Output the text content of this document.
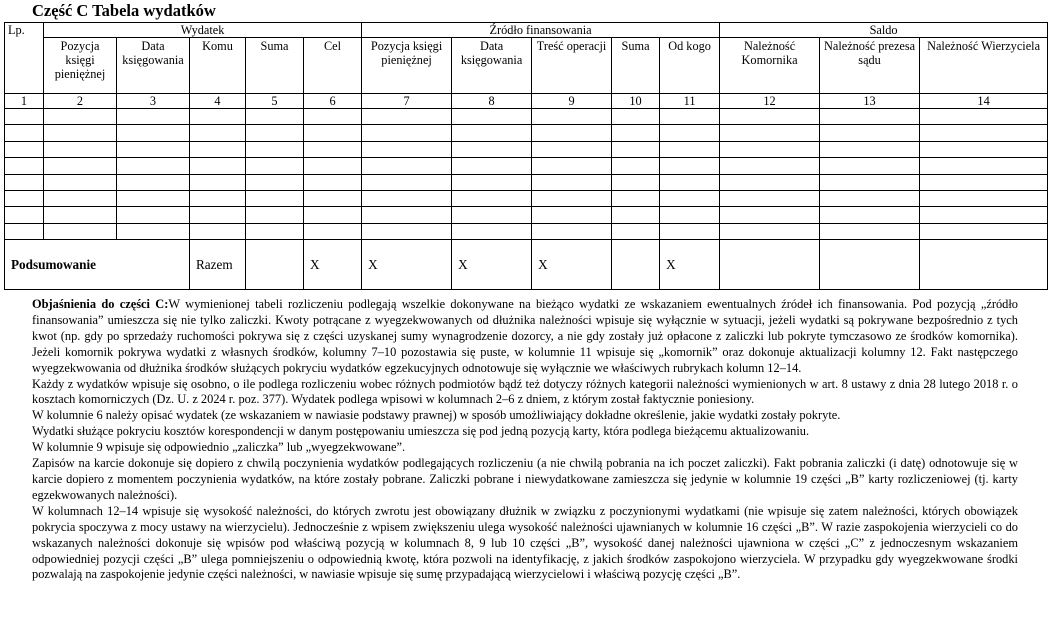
Część C Tabela wydatków
Lp.	Wydatek					Źródło finansowania					Saldo		
	Pozycja księgi pieniężnej	Data księgowania	Komu	Suma	Cel	Pozycja księgi pieniężnej	Data księgowania	Treść operacji	Suma	Od kogo	Należność Komornika	Należność prezesa sądu	Należność Wierzyciela
1	2	3	4	5	6	7	8	9	10	11	12	13	14

Podsumowanie			Razem		X	X	X	X		X			

Objaśnienia do części C:W wymienionej tabeli rozliczeniu podlegają wszelkie dokonywane na bieżąco wydatki ze wskazaniem ewentualnych źródeł ich finansowania. Pod pozycją „źródło finansowania” umieszcza się nie tylko zaliczki. Kwoty potrącane z wyegzekwowanych od dłużnika należności wpisuje się wyłącznie w sytuacji, jeżeli wydatki są pokrywane bezpośrednio z tych kwot (np. gdy po sprzedaży ruchomości pokrywa się z części uzyskanej sumy wynagrodzenie dozorcy, a nie gdy zostały już opłacone z zaliczki lub pokryte tymczasowo ze środków komornika). Jeżeli komornik pokrywa wydatki z własnych środków, kolumny 7–10 pozostawia się puste, w kolumnie 11 wpisuje się „komornik” oraz dokonuje aktualizacji kolumny 12. Fakt następczego wyegzekwowania od dłużnika środków służących pokryciu wydatków egzekucyjnych odnotowuje się wyłącznie we właściwych rubrykach kolumn 12–14.

Każdy z wydatków wpisuje się osobno, o ile podlega rozliczeniu wobec różnych podmiotów bądź też dotyczy różnych kategorii należności wymienionych w art. 8 ustawy z dnia 28 lutego 2018 r. o kosztach komorniczych (Dz. U. z 2024 r. poz. 377). Wydatek podlega wpisowi w kolumnach 2–6 z dniem, z którym został faktycznie poniesiony.

W kolumnie 6 należy opisać wydatek (ze wskazaniem w nawiasie podstawy prawnej) w sposób umożliwiający dokładne określenie, jakie wydatki zostały pokryte.

Wydatki służące pokryciu kosztów korespondencji w danym postępowaniu umieszcza się pod jedną pozycją karty, która podlega bieżącemu aktualizowaniu.

W kolumnie 9 wpisuje się odpowiednio „zaliczka” lub „wyegzekwowane”.

Zapisów na karcie dokonuje się dopiero z chwilą poczynienia wydatków podlegających rozliczeniu (a nie chwilą pobrania na ich poczet zaliczki). Fakt pobrania zaliczki (i datę) odnotowuje się w karcie dopiero z momentem poczynienia wydatków, na które zostały pobrane. Zaliczki pobrane i niewydatkowane zamieszcza się jedynie w kolumnie 19 części „B” karty rozliczeniowej (tj. karty egzekwowanych należności).

W kolumnach 12–14 wpisuje się wysokość należności, do których zwrotu jest obowiązany dłużnik w związku z poczynionymi wydatkami (nie wpisuje się zatem należności, których obowiązek pokrycia spoczywa z mocy ustawy na wierzycielu). Jednocześnie z wpisem zwiększeniu ulega wysokość należności ujawnianych w kolumnie 16 części „B”. W razie zaspokojenia wierzycieli co do wskazanych należności dokonuje się wpisów pod właściwą pozycją w kolumnach 8, 9 lub 10 części „B”, wysokość danej należności ujawniona w części „C” z jednoczesnym wskazaniem odpowiedniej pozycji części „B” ulega pomniejszeniu o odpowiednią kwotę, która pozwoli na identyfikację, z jakich środków zaspokojono wierzyciela. W przypadku gdy wyegzekwowane środki pozwalają na zaspokojenie jedynie części należności, w nawiasie wpisuje się sumę przypadającą wierzycielowi i właściwą pozycję części „B”.
